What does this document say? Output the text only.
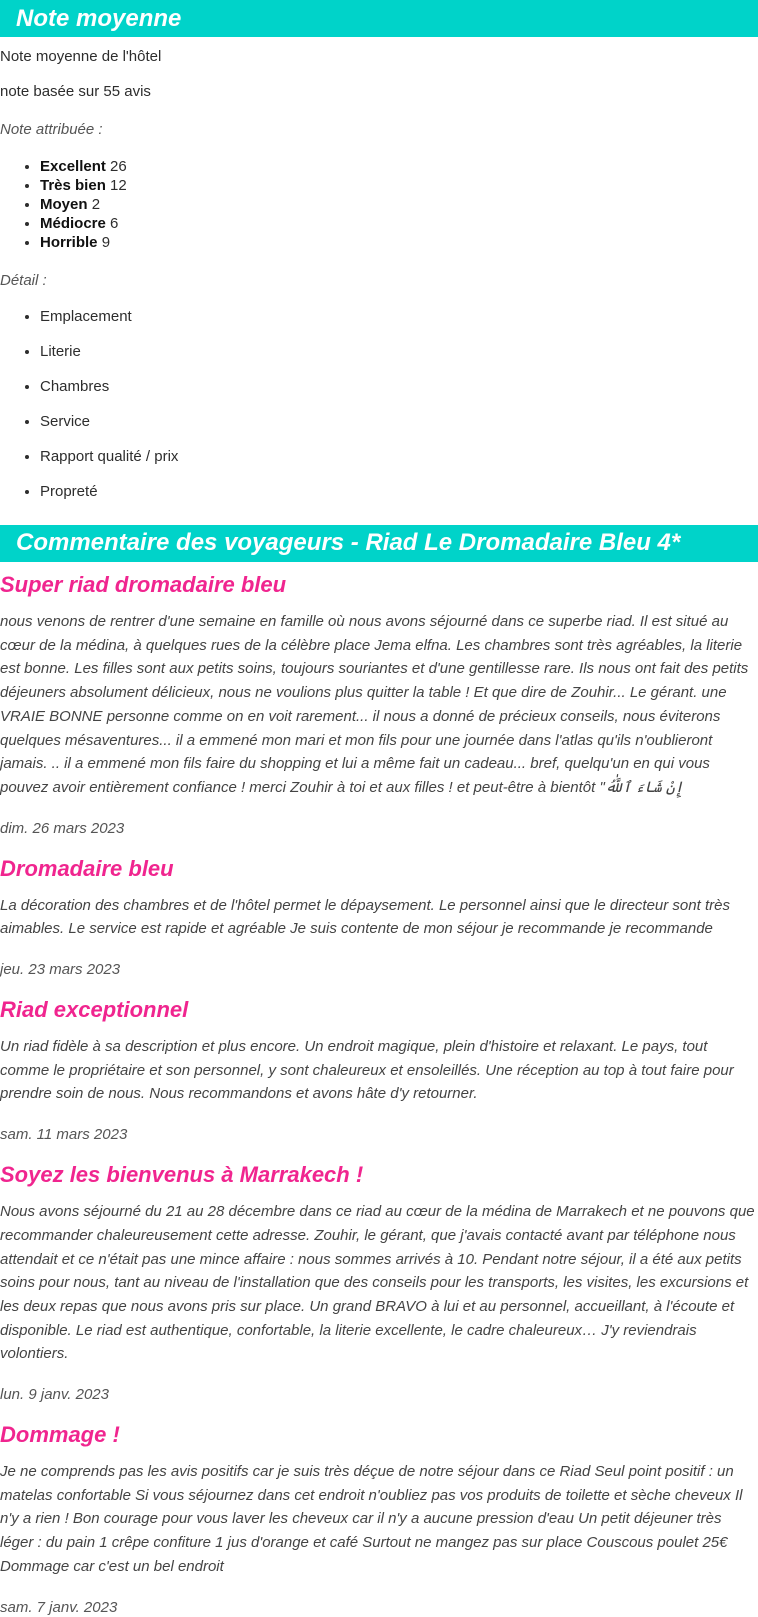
Note moyenne

Note moyenne de l'hôtel

note basée sur 55 avis

Note attribuée :

• Excellent 26
• Très bien 12
• Moyen 2
• Médiocre 6
• Horrible 9

Détail :

• Emplacement
• Literie
• Chambres
• Service
• Rapport qualité / prix
• Propreté
Commentaire des voyageurs - Riad Le Dromadaire Bleu 4*
Super riad dromadaire bleu

nous venons de rentrer d'une semaine en famille où nous avons séjourné dans ce superbe riad. Il est situé au cœur de la médina, à quelques rues de la célèbre place Jema elfna. Les chambres sont très agréables, la literie est bonne. Les filles sont aux petits soins, toujours souriantes et d'une gentillesse rare. Ils nous ont fait des petits déjeuners absolument délicieux, nous ne voulions plus quitter la table ! Et que dire de Zouhir... Le gérant. une VRAIE BONNE personne comme on en voit rarement... il nous a donné de précieux conseils, nous éviterons quelques mésaventures... il a emmené mon mari et mon fils pour une journée dans l'atlas qu'ils n'oublieront jamais. .. il a emmené mon fils faire du shopping et lui a même fait un cadeau... bref, quelqu'un en qui vous pouvez avoir entièrement confiance ! merci Zouhir à toi et aux filles ! et peut-être à bientôt "إِنْ شَاءَ ٱللَّٰهُ

dim. 26 mars 2023

Dromadaire bleu

La décoration des chambres et de l'hôtel permet le dépaysement. Le personnel ainsi que le directeur sont très aimables. Le service est rapide et agréable Je suis contente de mon séjour je recommande je recommande

jeu. 23 mars 2023

Riad exceptionnel

Un riad fidèle à sa description et plus encore. Un endroit magique, plein d'histoire et relaxant. Le pays, tout comme le propriétaire et son personnel, y sont chaleureux et ensoleillés. Une réception au top à tout faire pour prendre soin de nous. Nous recommandons et avons hâte d'y retourner.

sam. 11 mars 2023

Soyez les bienvenus à Marrakech !

Nous avons séjourné du 21 au 28 décembre dans ce riad au cœur de la médina de Marrakech et ne pouvons que recommander chaleureusement cette adresse. Zouhir, le gérant, que j'avais contacté avant par téléphone nous attendait et ce n'était pas une mince affaire : nous sommes arrivés à 10. Pendant notre séjour, il a été aux petits soins pour nous, tant au niveau de l'installation que des conseils pour les transports, les visites, les excursions et les deux repas que nous avons pris sur place. Un grand BRAVO à lui et au personnel, accueillant, à l'écoute et disponible. Le riad est authentique, confortable, la literie excellente, le cadre chaleureux… J'y reviendrais volontiers.

lun. 9 janv. 2023

Dommage !

Je ne comprends pas les avis positifs car je suis très déçue de notre séjour dans ce Riad Seul point positif : un matelas confortable Si vous séjournez dans cet endroit n'oubliez pas vos produits de toilette et sèche cheveux Il n'y a rien ! Bon courage pour vous laver les cheveux car il n'y a aucune pression d'eau Un petit déjeuner très léger : du pain 1 crêpe confiture 1 jus d'orange et café Surtout ne mangez pas sur place Couscous poulet 25€ Dommage car c'est un bel endroit

sam. 7 janv. 2023
